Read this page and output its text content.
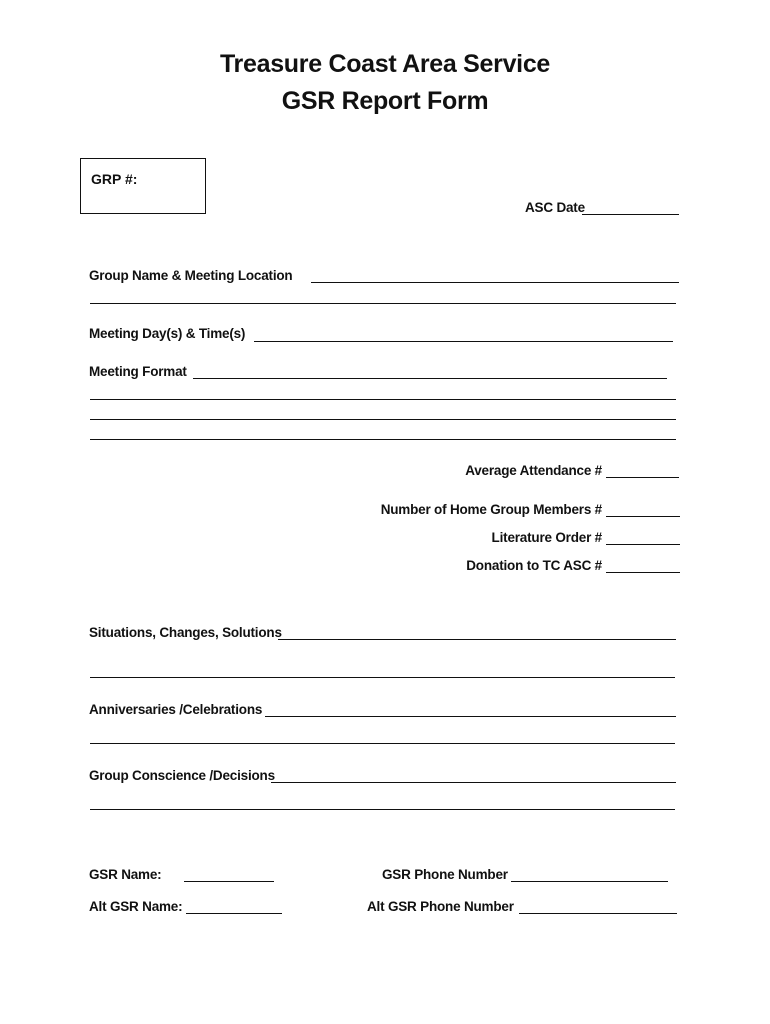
Treasure Coast Area Service
GSR Report Form
GRP #:
ASC Date
Group Name & Meeting Location
Meeting Day(s) & Time(s)
Meeting Format
Average Attendance #
Number of Home Group Members #
Literature Order #
Donation to TC ASC #
Situations, Changes, Solutions
Anniversaries /Celebrations
Group Conscience /Decisions
GSR Name:	GSR Phone Number
Alt GSR Name:	Alt GSR Phone Number
